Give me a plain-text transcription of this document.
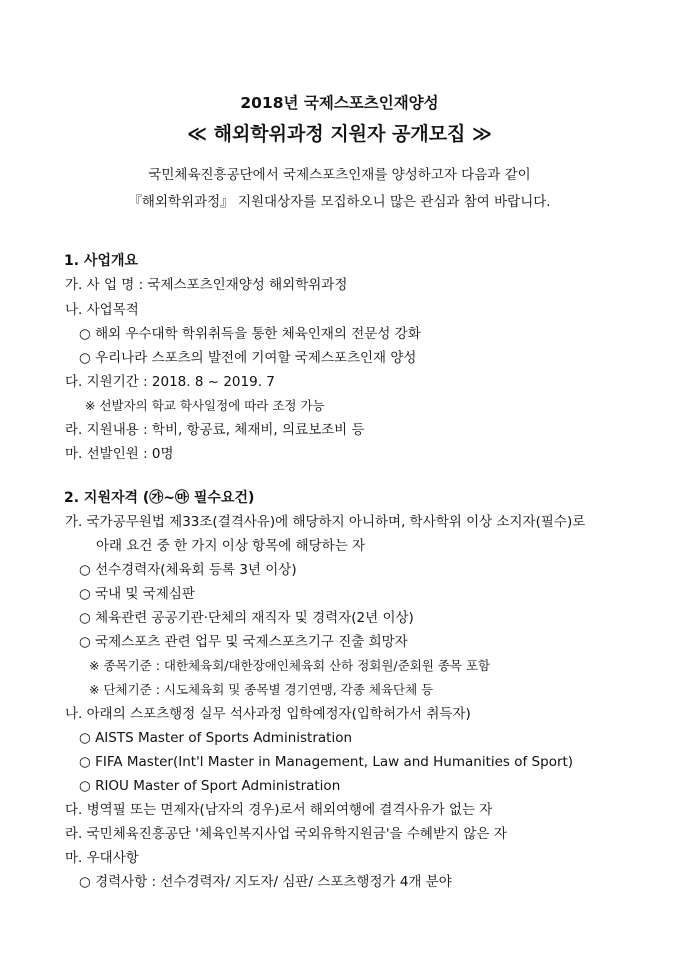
2018년 국제스포츠인재양성
≪ 해외학위과정 지원자 공개모집 ≫
국민체육진흥공단에서 국제스포츠인재를 양성하고자 다음과 같이
『해외학위과정』 지원대상자를 모집하오니 많은 관심과 참여 바랍니다.
1. 사업개요
가. 사 업 명 : 국제스포츠인재양성 해외학위과정
나. 사업목적
○ 해외 우수대학 학위취득을 통한 체육인재의 전문성 강화
○ 우리나라 스포츠의 발전에 기여할 국제스포츠인재 양성
다. 지원기간 : 2018. 8 ~ 2019. 7
※ 선발자의 학교 학사일정에 따라 조정 가능
라. 지원내용 : 학비, 항공료, 체재비, 의료보조비 등
마. 선발인원 : 0명
2. 지원자격 (㉮~㉲ 필수요건)
가. 국가공무원법 제33조(결격사유)에 해당하지 아니하며, 학사학위 이상 소지자(필수)로
아래 요건 중 한 가지 이상 항목에 해당하는 자
○ 선수경력자(체육회 등록 3년 이상)
○ 국내 및 국제심판
○ 체육관련 공공기관·단체의 재직자 및 경력자(2년 이상)
○ 국제스포츠 관련 업무 및 국제스포츠기구 진출 희망자
※ 종목기준 : 대한체육회/대한장애인체육회 산하 정회원/준회원 종목 포함
※ 단체기준 : 시도체육회 및 종목별 경기연맹, 각종 체육단체 등
나. 아래의 스포츠행정 실무 석사과정 입학예정자(입학허가서 취득자)
○ AISTS Master of Sports Administration
○ FIFA Master(Int'l Master in Management, Law and Humanities of Sport)
○ RIOU Master of Sport Administration
다. 병역필 또는 면제자(남자의 경우)로서 해외여행에 결격사유가 없는 자
라. 국민체육진흥공단 '체육인복지사업 국외유학지원금'을 수혜받지 않은 자
마. 우대사항
○ 경력사항 : 선수경력자/ 지도자/ 심판/ 스포츠행정가 4개 분야
